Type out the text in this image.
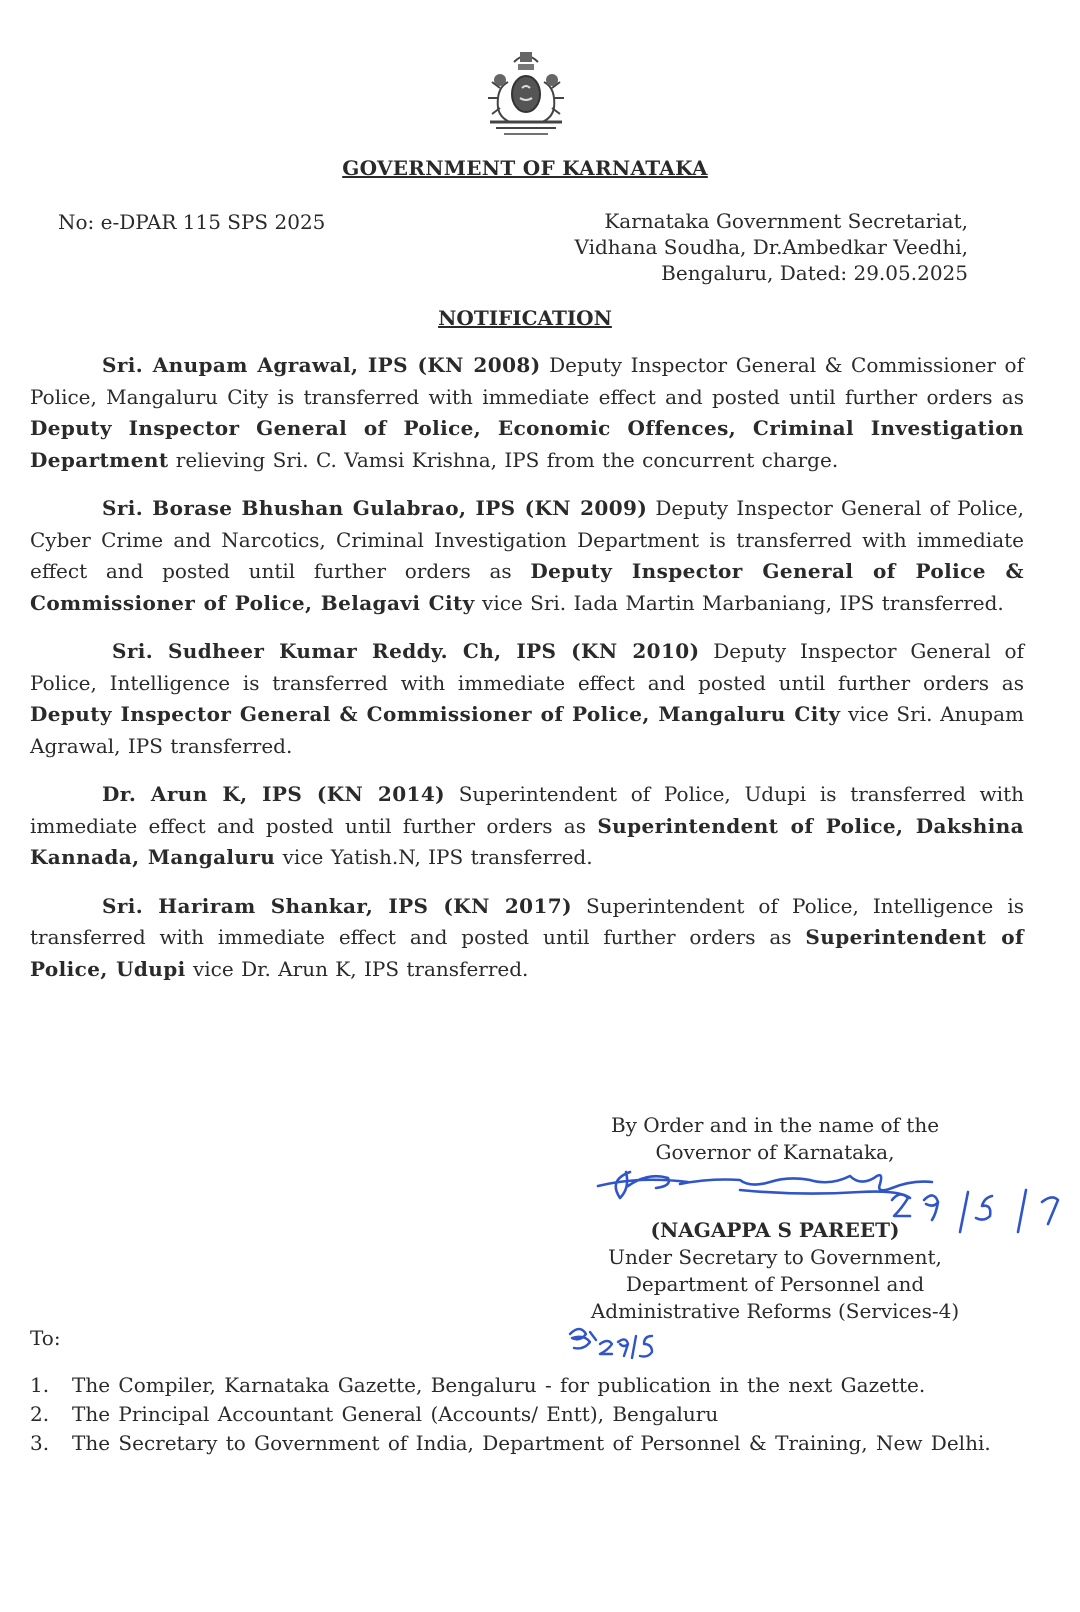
GOVERNMENT OF KARNATAKA
No: e-DPAR 115 SPS 2025	Karnataka Government Secretariat,
Vidhana Soudha, Dr.Ambedkar Veedhi,
Bengaluru, Dated: 29.05.2025
NOTIFICATION

Sri. Anupam Agrawal, IPS (KN 2008) Deputy Inspector General & Commissioner of Police, Mangaluru City is transferred with immediate effect and posted until further orders as Deputy Inspector General of Police, Economic Offences, Criminal Investigation Department relieving Sri. C. Vamsi Krishna, IPS from the concurrent charge.

Sri. Borase Bhushan Gulabrao, IPS (KN 2009) Deputy Inspector General of Police, Cyber Crime and Narcotics, Criminal Investigation Department is transferred with immediate effect and posted until further orders as Deputy Inspector General of Police & Commissioner of Police, Belagavi City vice Sri. Iada Martin Marbaniang, IPS transferred.

Sri. Sudheer Kumar Reddy. Ch, IPS (KN 2010) Deputy Inspector General of Police, Intelligence is transferred with immediate effect and posted until further orders as Deputy Inspector General & Commissioner of Police, Mangaluru City vice Sri. Anupam Agrawal, IPS transferred.

Dr. Arun K, IPS (KN 2014) Superintendent of Police, Udupi is transferred with immediate effect and posted until further orders as Superintendent of Police, Dakshina Kannada, Mangaluru vice Yatish.N, IPS transferred.

Sri. Hariram Shankar, IPS (KN 2017) Superintendent of Police, Intelligence is transferred with immediate effect and posted until further orders as Superintendent of Police, Udupi vice Dr. Arun K, IPS transferred.

By Order and in the name of the
Governor of Karnataka,
(NAGAPPA S PAREET)
Under Secretary to Government,
Department of Personnel and
Administrative Reforms (Services-4)
To:
1.	The Compiler, Karnataka Gazette, Bengaluru - for publication in the next Gazette.
2.	The Principal Accountant General (Accounts/ Entt), Bengaluru
3.	The Secretary to Government of India, Department of Personnel & Training, New Delhi.
